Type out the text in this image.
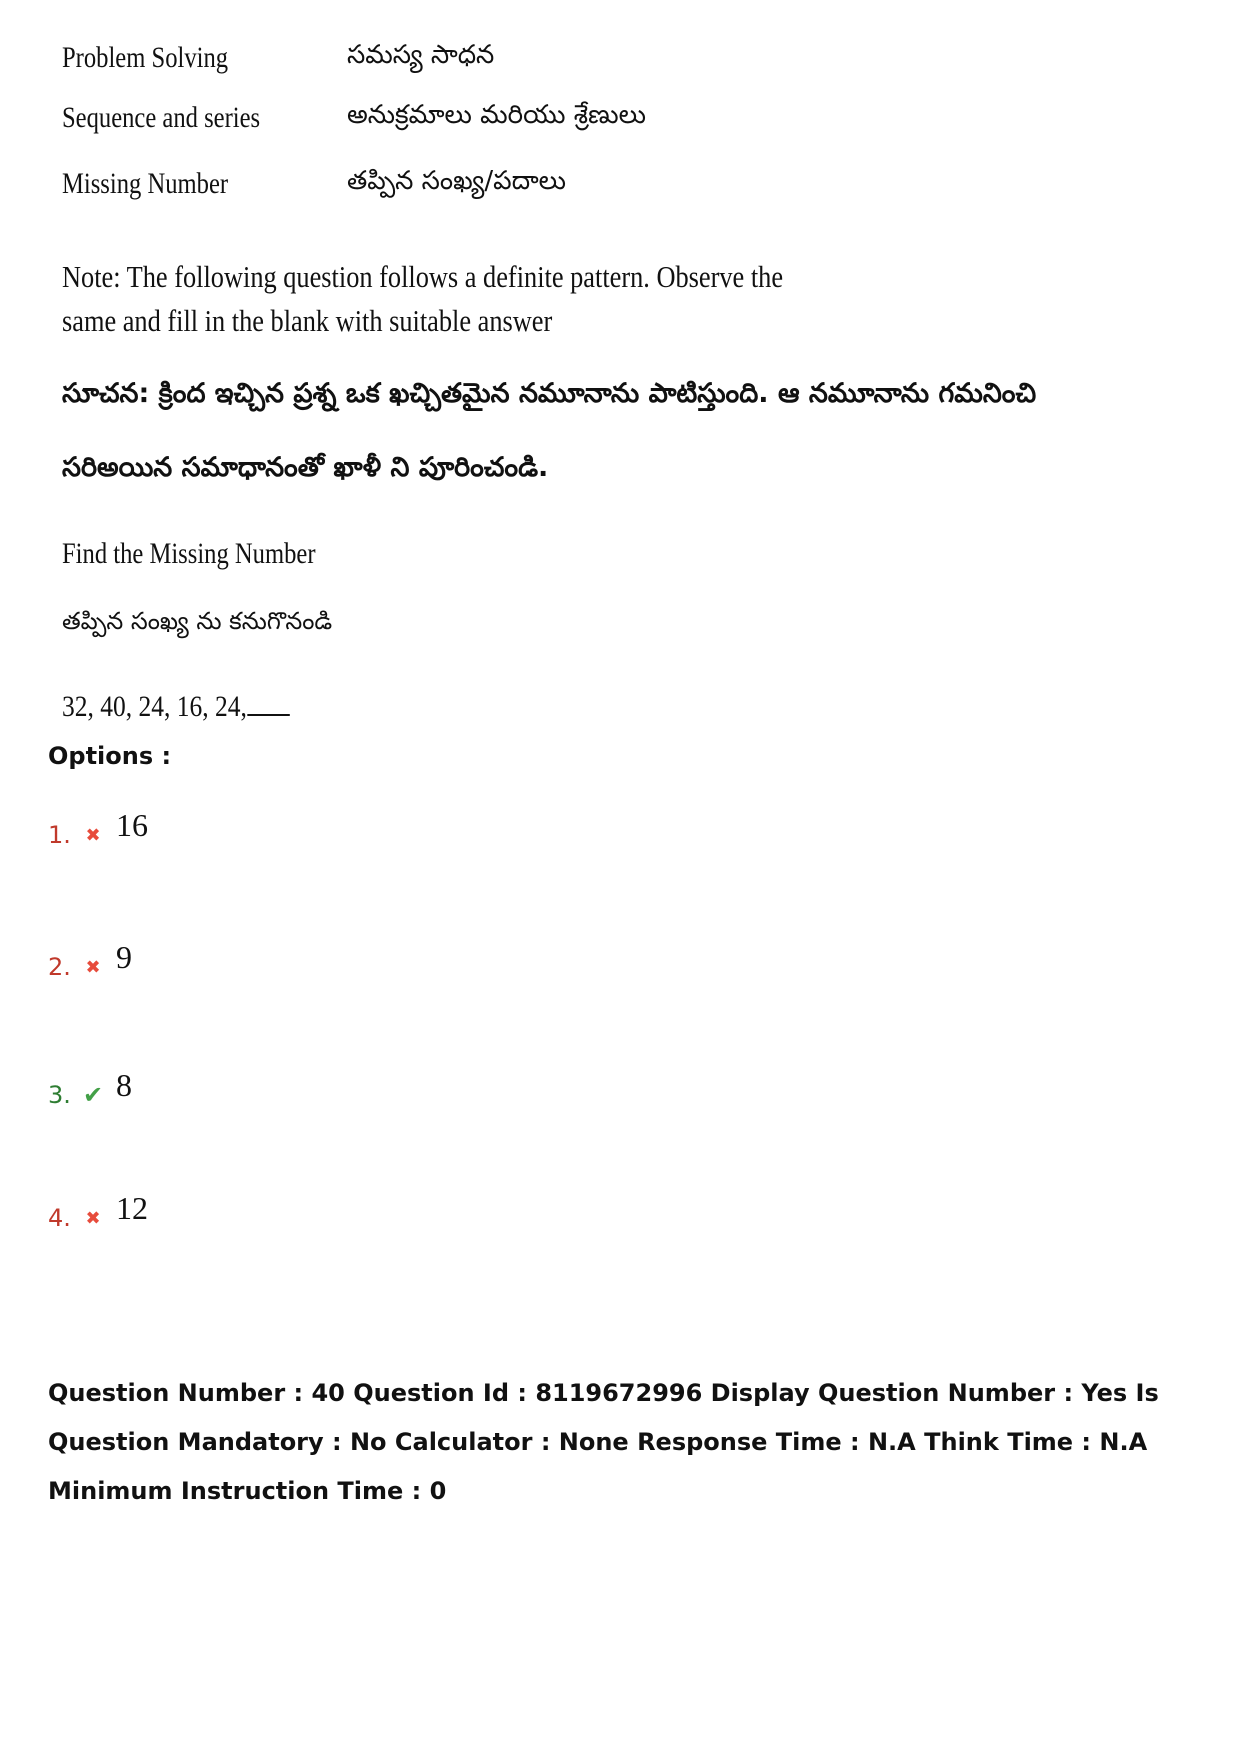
Problem Solving	సమస్య సాధన
Sequence and series	అనుక్రమాలు మరియు శ్రేణులు
Missing Number	తప్పిన సంఖ్య/పదాలు
Note: The following question follows a definite pattern. Observe the same and fill in the blank with suitable answer
సూచన: క్రింద ఇచ్చిన ప్రశ్న ఒక ఖచ్చితమైన నమూనాను పాటిస్తుంది. ఆ నమూనాను గమనించి
సరిఅయిన సమాధానంతో ఖాళీ ని పూరించండి.
Find the Missing Number
తప్పిన సంఖ్య ను కనుగొనండి
32, 40, 24, 16, 24,
Options :
1. ✖ 16
2. ✖ 9
3. ✔ 8
4. ✖ 12
Question Number : 40 Question Id : 8119672996 Display Question Number : Yes Is Question Mandatory : No Calculator : None Response Time : N.A Think Time : N.A Minimum Instruction Time : 0
